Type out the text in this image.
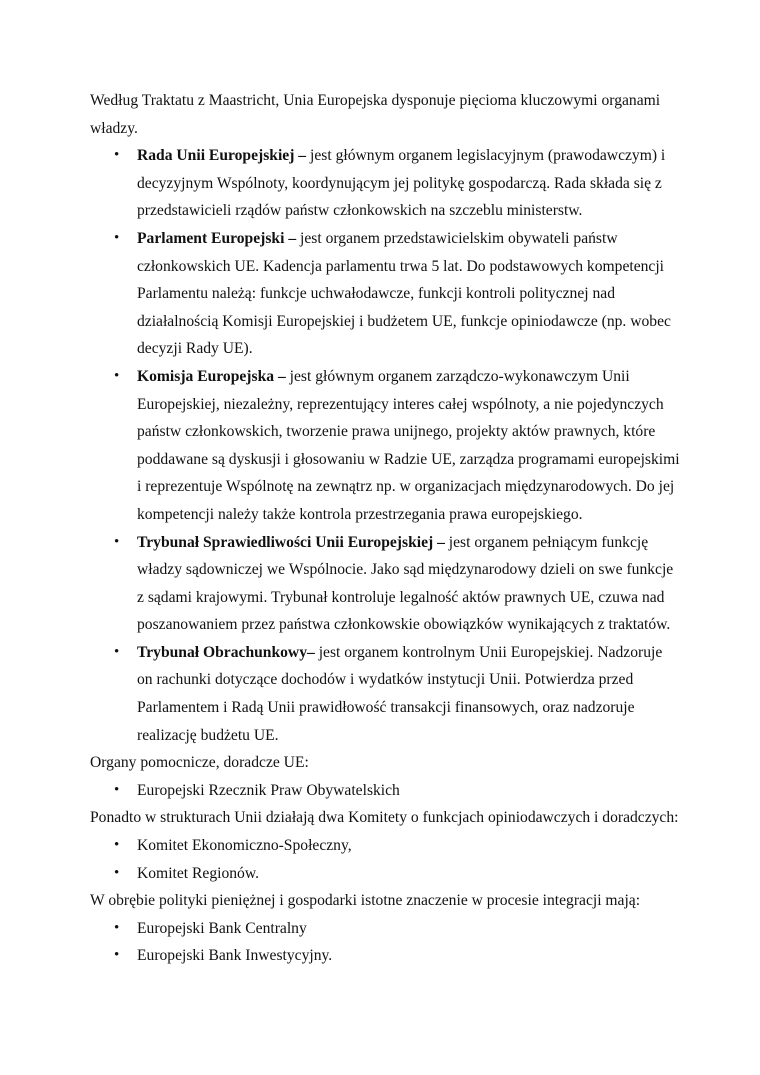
Według Traktatu z Maastricht, Unia Europejska dysponuje pięcioma kluczowymi organami władzy.

• Rada Unii Europejskiej – jest głównym organem legislacyjnym (prawodawczym) i decyzyjnym Wspólnoty, koordynującym jej politykę gospodarczą. Rada składa się z przedstawicieli rządów państw członkowskich na szczeblu ministerstw.
• Parlament Europejski – jest organem przedstawicielskim obywateli państw członkowskich UE. Kadencja parlamentu trwa 5 lat. Do podstawowych kompetencji Parlamentu należą: funkcje uchwałodawcze, funkcji kontroli politycznej nad działalnością Komisji Europejskiej i budżetem UE, funkcje opiniodawcze (np. wobec decyzji Rady UE).
• Komisja Europejska – jest głównym organem zarządczo-wykonawczym Unii Europejskiej, niezależny, reprezentujący interes całej wspólnoty, a nie pojedynczych państw członkowskich, tworzenie prawa unijnego, projekty aktów prawnych, które poddawane są dyskusji i głosowaniu w Radzie UE, zarządza programami europejskimi i reprezentuje Wspólnotę na zewnątrz np. w organizacjach międzynarodowych. Do jej kompetencji należy także kontrola przestrzegania prawa europejskiego.
• Trybunał Sprawiedliwości Unii Europejskiej – jest organem pełniącym funkcję władzy sądowniczej we Wspólnocie. Jako sąd międzynarodowy dzieli on swe funkcje z sądami krajowymi. Trybunał kontroluje legalność aktów prawnych UE, czuwa nad poszanowaniem przez państwa członkowskie obowiązków wynikających z traktatów.
• Trybunał Obrachunkowy– jest organem kontrolnym Unii Europejskiej. Nadzoruje on rachunki dotyczące dochodów i wydatków instytucji Unii. Potwierdza przed Parlamentem i Radą Unii prawidłowość transakcji finansowych, oraz nadzoruje realizację budżetu UE.

Organy pomocnicze, doradcze UE:

• Europejski Rzecznik Praw Obywatelskich

Ponadto w strukturach Unii działają dwa Komitety o funkcjach opiniodawczych i doradczych:

• Komitet Ekonomiczno-Społeczny,
• Komitet Regionów.

W obrębie polityki pieniężnej i gospodarki istotne znaczenie w procesie integracji mają:

• Europejski Bank Centralny
• Europejski Bank Inwestycyjny.
